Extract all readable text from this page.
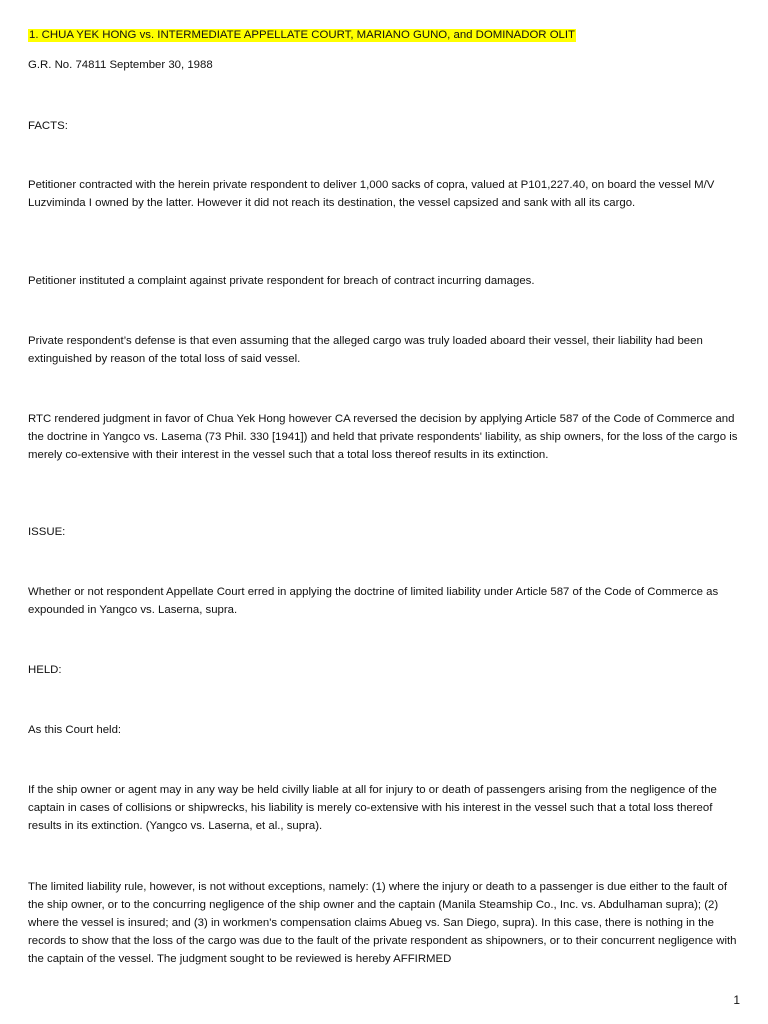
1. CHUA YEK HONG vs. INTERMEDIATE APPELLATE COURT, MARIANO GUNO, and DOMINADOR OLIT

G.R. No. 74811 September 30, 1988

FACTS:

Petitioner contracted with the herein private respondent to deliver 1,000 sacks of copra, valued at P101,227.40, on board the vessel M/V Luzviminda I owned by the latter. However it did not reach its destination, the vessel capsized and sank with all its cargo.

Petitioner instituted a complaint against private respondent for breach of contract incurring damages.

Private respondent’s defense is that even assuming that the alleged cargo was truly loaded aboard their vessel, their liability had been extinguished by reason of the total loss of said vessel.

RTC rendered judgment in favor of Chua Yek Hong however CA reversed the decision by applying Article 587 of the Code of Commerce and the doctrine in Yangco vs. Lasema (73 Phil. 330 [1941]) and held that private respondents' liability, as ship owners, for the loss of the cargo is merely co-extensive with their interest in the vessel such that a total loss thereof results in its extinction.

ISSUE:

Whether or not respondent Appellate Court erred in applying the doctrine of limited liability under Article 587 of the Code of Commerce as expounded in Yangco vs. Laserna, supra.

HELD:

As this Court held:

If the ship owner or agent may in any way be held civilly liable at all for injury to or death of passengers arising from the negligence of the captain in cases of collisions or shipwrecks, his liability is merely co-extensive with his interest in the vessel such that a total loss thereof results in its extinction. (Yangco vs. Laserna, et al., supra).

The limited liability rule, however, is not without exceptions, namely: (1) where the injury or death to a passenger is due either to the fault of the ship owner, or to the concurring negligence of the ship owner and the captain (Manila Steamship Co., Inc. vs. Abdulhaman supra); (2) where the vessel is insured; and (3) in workmen's compensation claims Abueg vs. San Diego, supra). In this case, there is nothing in the records to show that the loss of the cargo was due to the fault of the private respondent as shipowners, or to their concurrent negligence with the captain of the vessel. The judgment sought to be reviewed is hereby AFFIRMED

1
